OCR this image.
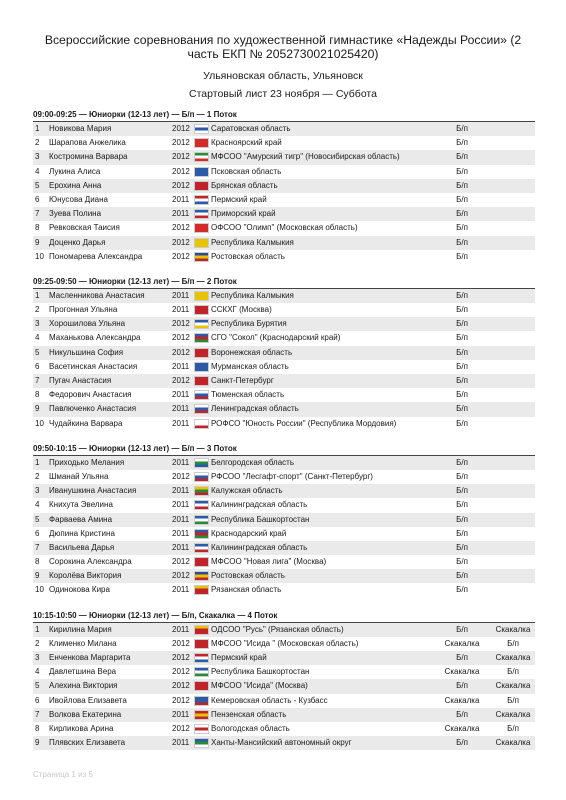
Всероссийские соревнования по художественной гимнастике «Надежды России» (2 часть ЕКП № 2052730021025420)
Ульяновская область, Ульяновск
Стартовый лист 23 ноября — Суббота
09:00-09:25 — Юниорки (12-13 лет) — Б/п — 1 Поток
1 Новикова Мария	2012	Саратовская область	Б/п
2 Шарапова Анжелика	2012	Красноярский край	Б/п
3 Костромина Варвара	2012	МФСОО "Амурский тигр" (Новосибирская область)	Б/п
4 Лукина Алиса	2012	Псковская область	Б/п
5 Ерохина Анна	2012	Брянская область	Б/п
6 Юнусова Диана	2011	Пермский край	Б/п
7 Зуева Полина	2011	Приморский край	Б/п
8 Ревковская Таисия	2012	ОФСОО "Олимп" (Московская область)	Б/п
9 Доценко Дарья	2012	Республика Калмыкия	Б/п
10 Пономарева Александра	2012	Ростовская область	Б/п
09:25-09:50 — Юниорки (12-13 лет) — Б/п — 2 Поток
1 Масленникова Анастасия	2011	Республика Калмыкия	Б/п
2 Прогонная Ульяна	2011	ССКХГ (Москва)	Б/п
3 Хорошилова Ульяна	2012	Республика Бурятия	Б/п
4 Маханькова Александра	2012	СГО "Сокол" (Краснодарский край)	Б/п
5 Никульшина София	2012	Воронежская область	Б/п
6 Васетинская Анастасия	2011	Мурманская область	Б/п
7 Пугач Анастасия	2012	Санкт-Петербург	Б/п
8 Федорович Анастасия	2011	Тюменская область	Б/п
9 Павлюченко Анастасия	2011	Ленинградская область	Б/п
10 Чудайкина Варвара	2011	РОФСО "Юность России" (Республика Мордовия)	Б/п
09:50-10:15 — Юниорки (12-13 лет) — Б/п — 3 Поток
1 Приходько Мелания	2011	Белгородская область	Б/п
2 Шманай Ульяна	2012	РФСОО "Лесгафт-спорт" (Санкт-Петербург)	Б/п
3 Иванушкина Анастасия	2011	Калужская область	Б/п
4 Книхута Эвелина	2011	Калининградская область	Б/п
5 Фарваева Амина	2011	Республика Башкортостан	Б/п
6 Дюпина Кристина	2011	Краснодарский край	Б/п
7 Васильева Дарья	2011	Калининградская область	Б/п
8 Сорокина Александра	2012	МФСОО "Новая лига" (Москва)	Б/п
9 Королёва Виктория	2012	Ростовская область	Б/п
10 Одинокова Кира	2011	Рязанская область	Б/п
10:15-10:50 — Юниорки (12-13 лет) — Б/п, Скакалка — 4 Поток
1 Кирилина Мария	2011	ОДСОО "Русь" (Рязанская область)	Б/п	Скакалка
2 Клименко Милана	2012	МФСОО "Исида " (Московская область)	Скакалка	Б/п
3 Енченкова Маргарита	2012	Пермский край	Б/п	Скакалка
4 Давлетшина Вера	2012	Республика Башкортостан	Скакалка	Б/п
5 Алехина Виктория	2012	МФСОО "Исида" (Москва)	Б/п	Скакалка
6 Ивойлова Елизавета	2012	Кемеровская область - Кузбасс	Скакалка	Б/п
7 Волкова Екатерина	2011	Пензенская область	Б/п	Скакалка
8 Кирликова Арина	2012	Вологодская область	Скакалка	Б/п
9 Плявских Елизавета	2011	Ханты-Мансийский автономный округ	Б/п	Скакалка
Страница 1 из 5
